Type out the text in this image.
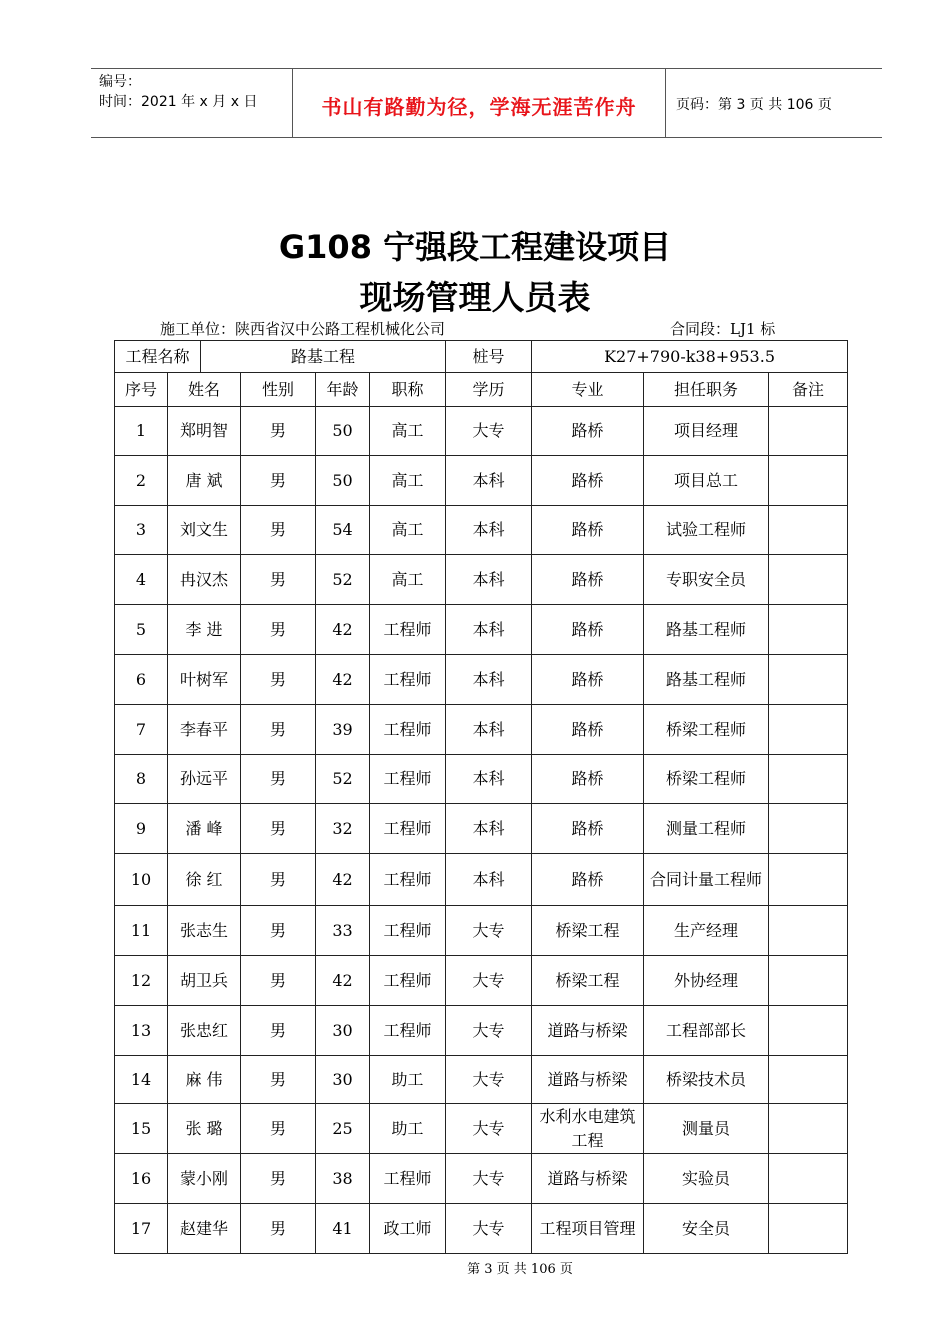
编号：
时间：2021 年 x 月 x 日	书山有路勤为径，学海无涯苦作舟	页码：第 3 页 共 106 页
G108 宁强段工程建设项目
现场管理人员表
施工单位：陕西省汉中公路工程机械化公司	合同段：LJ1 标
工程名称		路基工程				桩号	K27+790-k38+953.5		
序号	姓名		性别	年龄	职称	学历	专业	担任职务	备注
1	郑明智		男	50	高工	大专	路桥	项目经理	
2	唐 斌		男	50	高工	本科	路桥	项目总工	
3	刘文生		男	54	高工	本科	路桥	试验工程师	
4	冉汉杰		男	52	高工	本科	路桥	专职安全员	
5	李 进		男	42	工程师	本科	路桥	路基工程师	
6	叶树军		男	42	工程师	本科	路桥	路基工程师	
7	李春平		男	39	工程师	本科	路桥	桥梁工程师	
8	孙远平		男	52	工程师	本科	路桥	桥梁工程师	
9	潘 峰		男	32	工程师	本科	路桥	测量工程师	
10	徐 红		男	42	工程师	本科	路桥	合同计量工程师	
11	张志生		男	33	工程师	大专	桥梁工程	生产经理	
12	胡卫兵		男	42	工程师	大专	桥梁工程	外协经理	
13	张忠红		男	30	工程师	大专	道路与桥梁	工程部部长	
14	麻 伟		男	30	助工	大专	道路与桥梁	桥梁技术员	
15	张 璐		男	25	助工	大专	水利水电建筑工程	测量员	
16	蒙小刚		男	38	工程师	大专	道路与桥梁	实验员	
17	赵建华		男	41	政工师	大专	工程项目管理	安全员	
第 3 页 共 106 页
